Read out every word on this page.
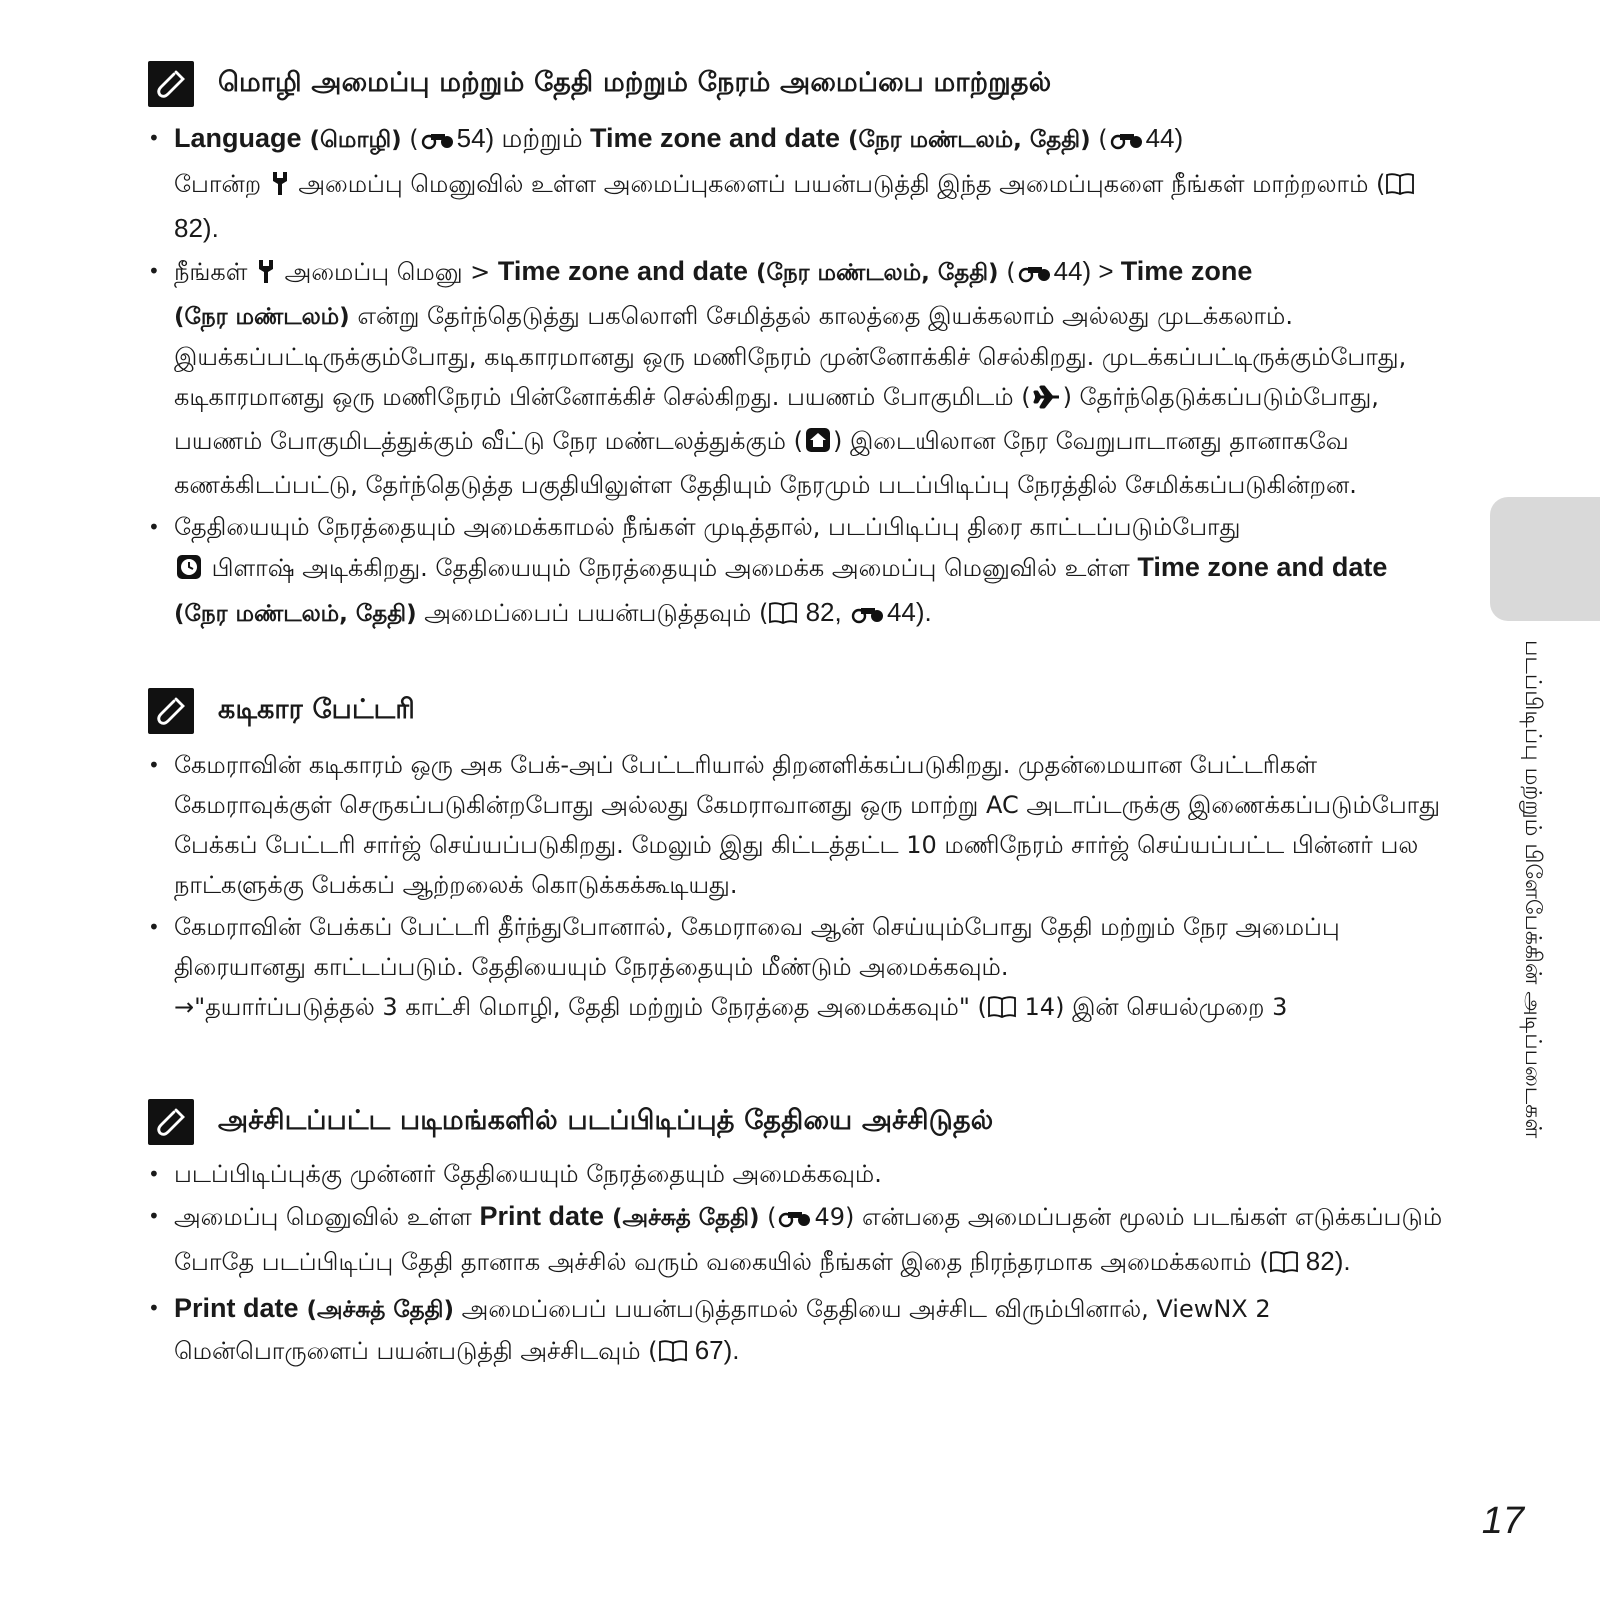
மொழி அமைப்பு மற்றும் தேதி மற்றும் நேரம் அமைப்பை மாற்றுதல்
• Language (மொழி) ( 54) மற்றும் Time zone and date (நேர மண்டலம், தேதி) ( 44)
போன்ற  அமைப்பு மெனுவில் உள்ள அமைப்புகளைப் பயன்படுத்தி இந்த அமைப்புகளை நீங்கள் மாற்றலாம் ( 82).
• நீங்கள்  அமைப்பு மெனு > Time zone and date (நேர மண்டலம், தேதி) ( 44) > Time zone
(நேர மண்டலம்) என்று தேர்ந்தெடுத்து பகலொளி சேமித்தல் காலத்தை இயக்கலாம் அல்லது முடக்கலாம். இயக்கப்பட்டிருக்கும்போது, கடிகாரமானது ஒரு மணிநேரம் முன்னோக்கிச் செல்கிறது. முடக்கப்பட்டிருக்கும்போது, கடிகாரமானது ஒரு மணிநேரம் பின்னோக்கிச் செல்கிறது. பயணம் போகுமிடம் ( ) தேர்ந்தெடுக்கப்படும்போது, பயணம் போகுமிடத்துக்கும் வீட்டு நேர மண்டலத்துக்கும் ( ) இடையிலான நேர வேறுபாடானது தானாகவே கணக்கிடப்பட்டு, தேர்ந்தெடுத்த பகுதியிலுள்ள தேதியும் நேரமும் படப்பிடிப்பு நேரத்தில் சேமிக்கப்படுகின்றன.
• தேதியையும் நேரத்தையும் அமைக்காமல் நீங்கள் முடித்தால், படப்பிடிப்பு திரை காட்டப்படும்போது
பிளாஷ் அடிக்கிறது. தேதியையும் நேரத்தையும் அமைக்க அமைப்பு மெனுவில் உள்ள Time zone and date (நேர மண்டலம், தேதி) அமைப்பைப் பயன்படுத்தவும் ( 82, 44).
கடிகார பேட்டரி
• கேமராவின் கடிகாரம் ஒரு அக பேக்-அப் பேட்டரியால் திறனளிக்கப்படுகிறது. முதன்மையான பேட்டரிகள் கேமராவுக்குள் செருகப்படுகின்றபோது அல்லது கேமராவானது ஒரு மாற்று AC அடாப்டருக்கு இணைக்கப்படும்போது பேக்கப் பேட்டரி சார்ஜ் செய்யப்படுகிறது. மேலும் இது கிட்டத்தட்ட 10 மணிநேரம் சார்ஜ் செய்யப்பட்ட பின்னர் பல நாட்களுக்கு பேக்கப் ஆற்றலைக் கொடுக்கக்கூடியது.
• கேமராவின் பேக்கப் பேட்டரி தீர்ந்துபோனால், கேமராவை ஆன் செய்யும்போது தேதி மற்றும் நேர அமைப்பு திரையானது காட்டப்படும். தேதியையும் நேரத்தையும் மீண்டும் அமைக்கவும்.
→"தயார்ப்படுத்தல் 3 காட்சி மொழி, தேதி மற்றும் நேரத்தை அமைக்கவும்" ( 14) இன் செயல்முறை 3
அச்சிடப்பட்ட படிமங்களில் படப்பிடிப்புத் தேதியை அச்சிடுதல்
• படப்பிடிப்புக்கு முன்னர் தேதியையும் நேரத்தையும் அமைக்கவும்.
• அமைப்பு மெனுவில் உள்ள Print date (அச்சுத் தேதி) ( 49) என்பதை அமைப்பதன் மூலம் படங்கள் எடுக்கப்படும் போதே படப்பிடிப்பு தேதி தானாக அச்சில் வரும் வகையில் நீங்கள் இதை நிரந்தரமாக அமைக்கலாம் ( 82).
• Print date (அச்சுத் தேதி) அமைப்பைப் பயன்படுத்தாமல் தேதியை அச்சிட விரும்பினால், ViewNX 2 மென்பொருளைப் பயன்படுத்தி அச்சிடவும் ( 67).
படப்பிடிப்பு மற்றும் பிளேபேக்கின் அடிப்படைகள்
17
